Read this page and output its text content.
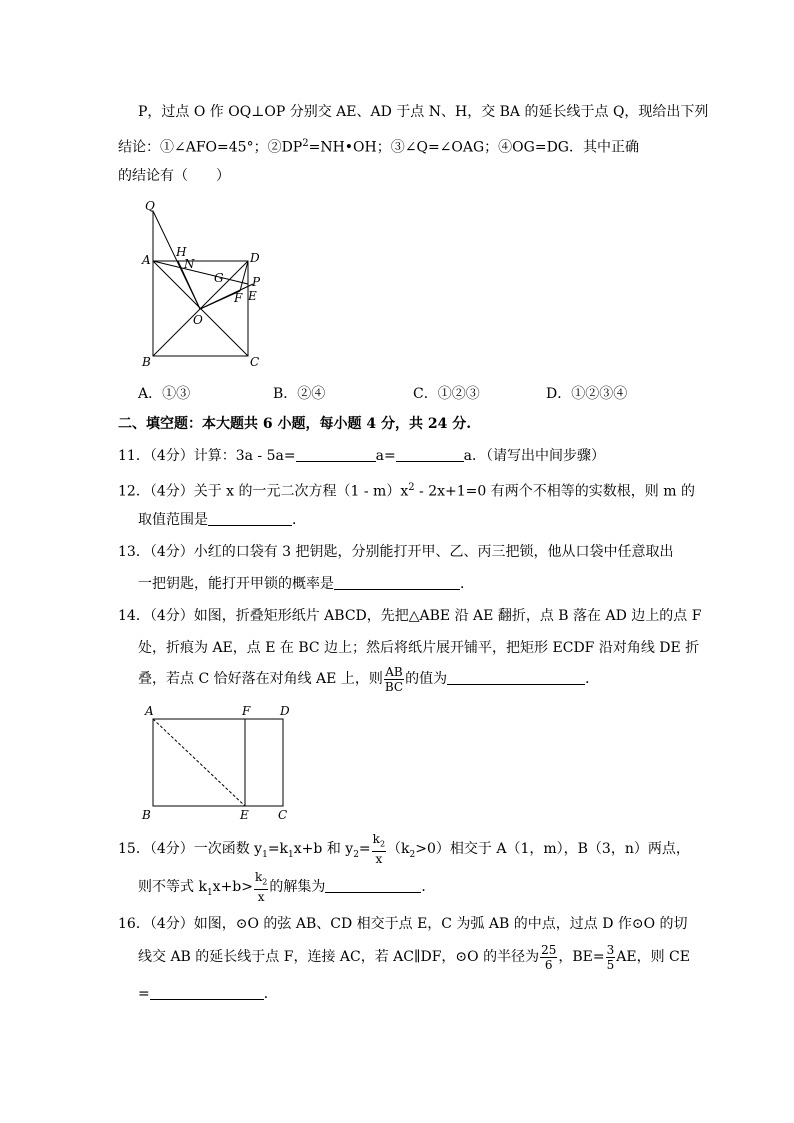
P，过点 O 作 OQ⊥OP 分别交 AE、AD 于点 N、H，交 BA 的延长线于点 Q，现给出下列
结论：①∠AFO=45°；$②DP^2=NH•OH$；③∠Q=∠OAG；④OG=DG．其中正确
的结论有（　　）
Q
H
N
A	D
G P
F E
O
B	C
A．①③	B．②④	C．①②③	D．①②③④
二、填空题：本大题共 6 小题，每小题 4 分，共 24 分.
11．（4分）计算：3a - 5a=	a=	a．（请写出中间步骤）
12．（4分）关于 x 的一元二次方程$(1 - m)x^2 - 2x+1=0$ 有两个不相等的实数根，则 m 的
取值范围是	．
13．（4分）小红的口袋有 3 把钥匙，分别能打开甲、乙、丙三把锁，他从口袋中任意取出
一把钥匙，能打开甲锁的概率是	．
14．（4分）如图，折叠矩形纸片 ABCD，先把△ABE 沿 AE 翻折，点 B 落在 AD 边上的点 F
处，折痕为 AE，点 E 在 BC 边上；然后将纸片展开铺平，把矩形 ECDF 沿对角线 DE 折
叠，若点 C 恰好落在对角线 AE 上，则 $\frac{AB}{BC}$ 的值为	．
A	F D
B	E C
15．（4分）一次函数 $y_1=k_1x+b$ 和 $y_2= \frac{k_2}{x} (k_2>0)$相交于 A（1，m），B（3，n）两点，
则不等式 $k_1x+b> \frac{k_2}{x}$ 的解集为	．
16．（4分）如图，⊙O 的弦 AB、CD 相交于点 E，C 为弧 AB 的中点，过点 D 作⊙O 的切
线交 AB 的延长线于点 F，连接 AC，若 AC∥DF，⊙O 的半径为 $\frac{25}{6}$ ，$BE= \frac{3}{5}$ AE，则 CE
=	．
